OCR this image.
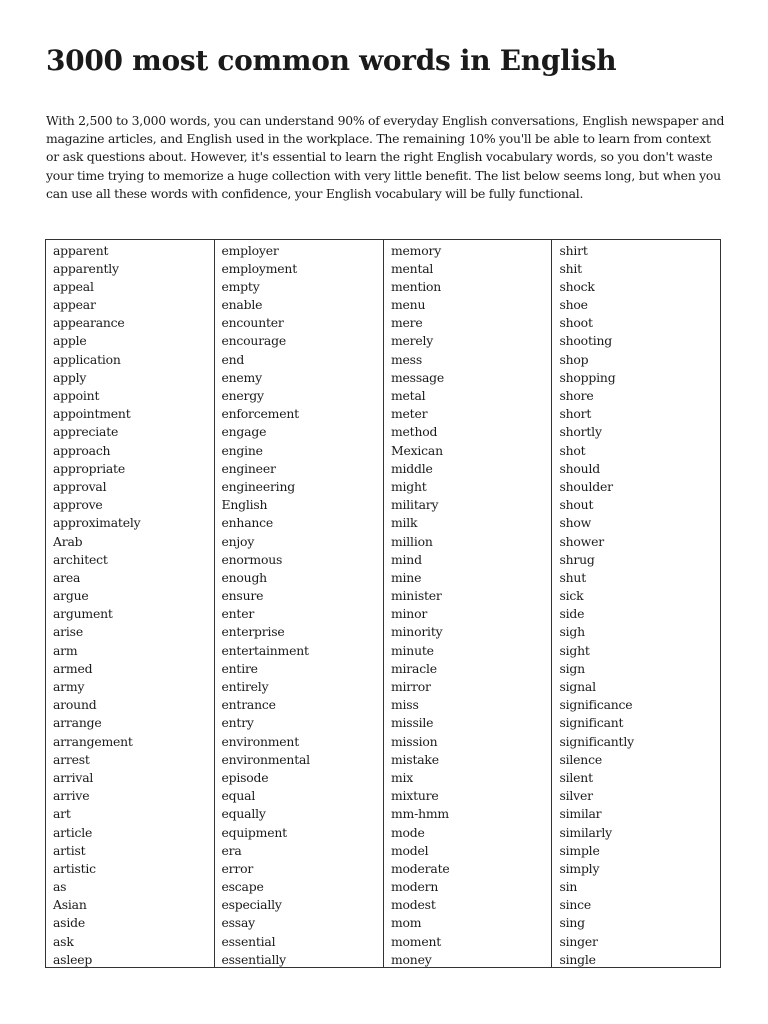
3000 most common words in English

With 2,500 to 3,000 words, you can understand 90% of everyday English conversations, English newspaper and magazine articles, and English used in the workplace. The remaining 10% you'll be able to learn from context or ask questions about. However, it's essential to learn the right English vocabulary words, so you don't waste your time trying to memorize a huge collection with very little benefit. The list below seems long, but when you can use all these words with confidence, your English vocabulary will be fully functional.

apparent
apparently
appeal
appear
appearance
apple
application
apply
appoint
appointment
appreciate
approach
appropriate
approval
approve
approximately
Arab
architect
area
argue
argument
arise
arm
armed
army
around
arrange
arrangement
arrest
arrival
arrive
art
article
artist
artistic
as
Asian
aside
ask
asleep
employer
employment
empty
enable
encounter
encourage
end
enemy
energy
enforcement
engage
engine
engineer
engineering
English
enhance
enjoy
enormous
enough
ensure
enter
enterprise
entertainment
entire
entirely
entrance
entry
environment
environmental
episode
equal
equally
equipment
era
error
escape
especially
essay
essential
essentially
memory
mental
mention
menu
mere
merely
mess
message
metal
meter
method
Mexican
middle
might
military
milk
million
mind
mine
minister
minor
minority
minute
miracle
mirror
miss
missile
mission
mistake
mix
mixture
mm-hmm
mode
model
moderate
modern
modest
mom
moment
money
shirt
shit
shock
shoe
shoot
shooting
shop
shopping
shore
short
shortly
shot
should
shoulder
shout
show
shower
shrug
shut
sick
side
sigh
sight
sign
signal
significance
significant
significantly
silence
silent
silver
similar
similarly
simple
simply
sin
since
sing
singer
single
